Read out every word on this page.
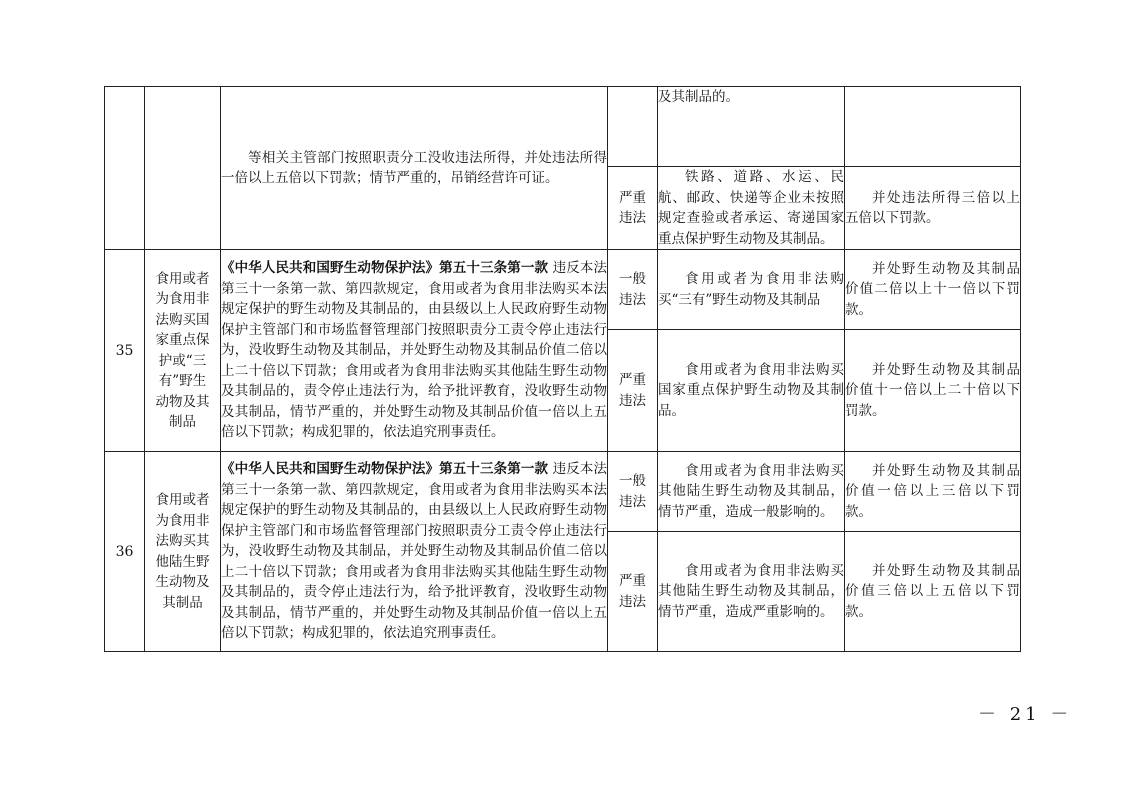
		等相关主管部门按照职责分工没收违法所得，并处违法所得一倍以上五倍以下罚款；情节严重的，吊销经营许可证。		及其制品的。	

			严重违法	铁路、道路、水运、民航、邮政、快递等企业未按照规定查验或者承运、寄递国家重点保护野生动物及其制品。	并处违法所得三倍以上五倍以下罚款。

35	食用或者为食用非法购买国家重点保护或“三有”野生动物及其制品	《中华人民共和国野生动物保护法》第五十三条第一款 违反本法第三十一条第一款、第四款规定，食用或者为食用非法购买本法规定保护的野生动物及其制品的，由县级以上人民政府野生动物保护主管部门和市场监督管理部门按照职责分工责令停止违法行为，没收野生动物及其制品，并处野生动物及其制品价值二倍以上二十倍以下罚款；食用或者为食用非法购买其他陆生野生动物及其制品的，责令停止违法行为，给予批评教育，没收野生动物及其制品，情节严重的，并处野生动物及其制品价值一倍以上五倍以下罚款；构成犯罪的，依法追究刑事责任。	一般违法	食用或者为食用非法购买“三有”野生动物及其制品	并处野生动物及其制品价值二倍以上十一倍以下罚款。

			严重违法	食用或者为食用非法购买国家重点保护野生动物及其制品。	并处野生动物及其制品价值十一倍以上二十倍以下罚款。

36	食用或者为食用非法购买其他陆生野生动物及其制品	《中华人民共和国野生动物保护法》第五十三条第一款 违反本法第三十一条第一款、第四款规定，食用或者为食用非法购买本法规定保护的野生动物及其制品的，由县级以上人民政府野生动物保护主管部门和市场监督管理部门按照职责分工责令停止违法行为，没收野生动物及其制品，并处野生动物及其制品价值二倍以上二十倍以下罚款；食用或者为食用非法购买其他陆生野生动物及其制品的，责令停止违法行为，给予批评教育，没收野生动物及其制品，情节严重的，并处野生动物及其制品价值一倍以上五倍以下罚款；构成犯罪的，依法追究刑事责任。	一般违法	食用或者为食用非法购买其他陆生野生动物及其制品，情节严重，造成一般影响的。	并处野生动物及其制品价值一倍以上三倍以下罚款。

			严重违法	食用或者为食用非法购买其他陆生野生动物及其制品，情节严重，造成严重影响的。	并处野生动物及其制品价值三倍以上五倍以下罚款。
－ 21 －
